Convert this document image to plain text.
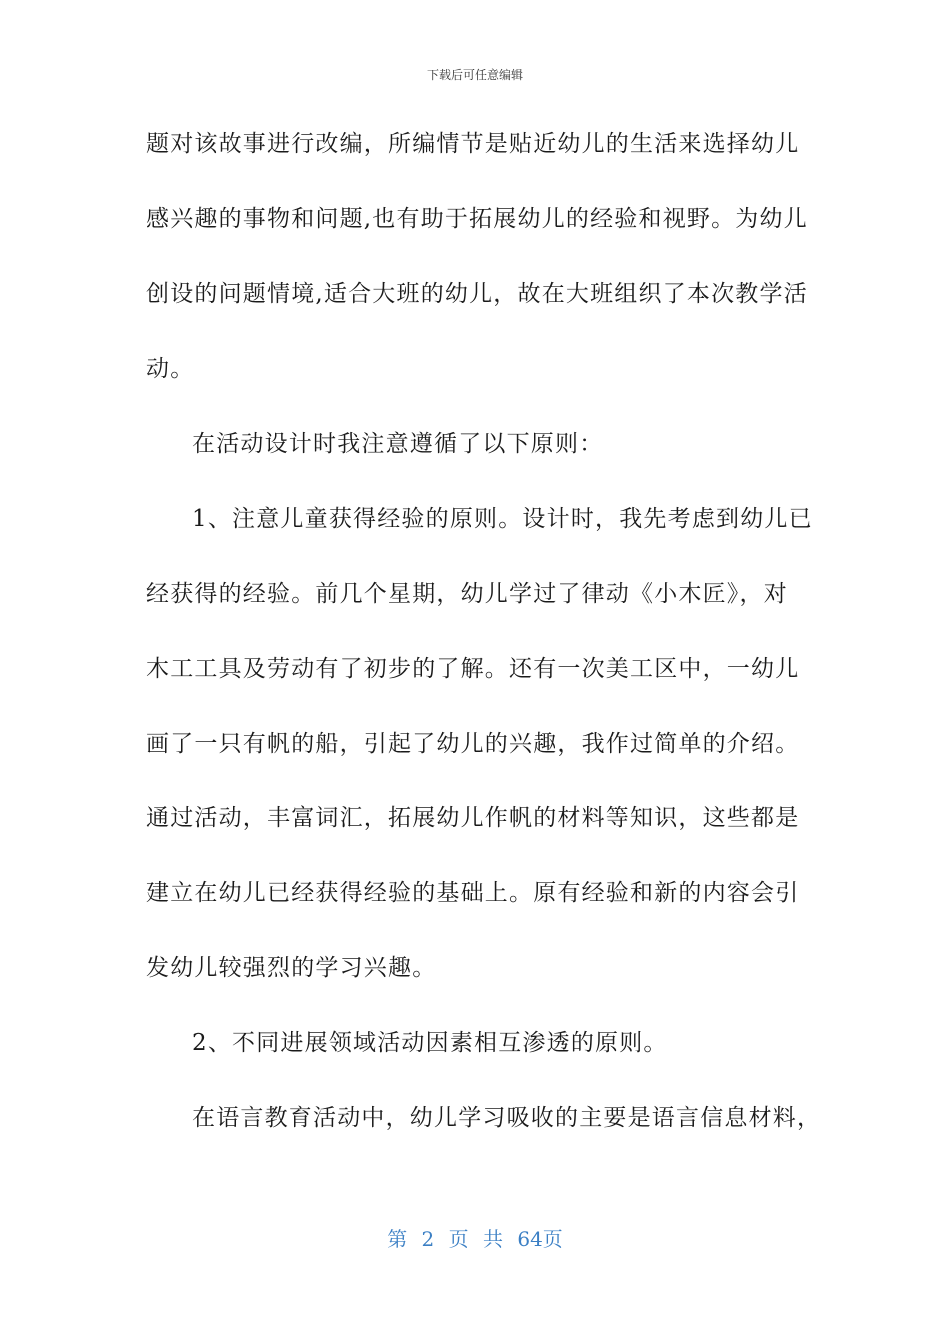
下载后可任意编辑
题对该故事进行改编，所编情节是贴近幼儿的生活来选择幼儿
感兴趣的事物和问题,也有助于拓展幼儿的经验和视野。为幼儿
创设的问题情境,适合大班的幼儿，故在大班组织了本次教学活
动。
在活动设计时我注意遵循了以下原则：
1、注意儿童获得经验的原则。设计时，我先考虑到幼儿已
经获得的经验。前几个星期，幼儿学过了律动《小木匠》，对
木工工具及劳动有了初步的了解。还有一次美工区中，一幼儿
画了一只有帆的船，引起了幼儿的兴趣，我作过简单的介绍。
通过活动，丰富词汇，拓展幼儿作帆的材料等知识，这些都是
建立在幼儿已经获得经验的基础上。原有经验和新的内容会引
发幼儿较强烈的学习兴趣。
2、不同进展领域活动因素相互渗透的原则。
在语言教育活动中，幼儿学习吸收的主要是语言信息材料，
第 2 页 共 64页
